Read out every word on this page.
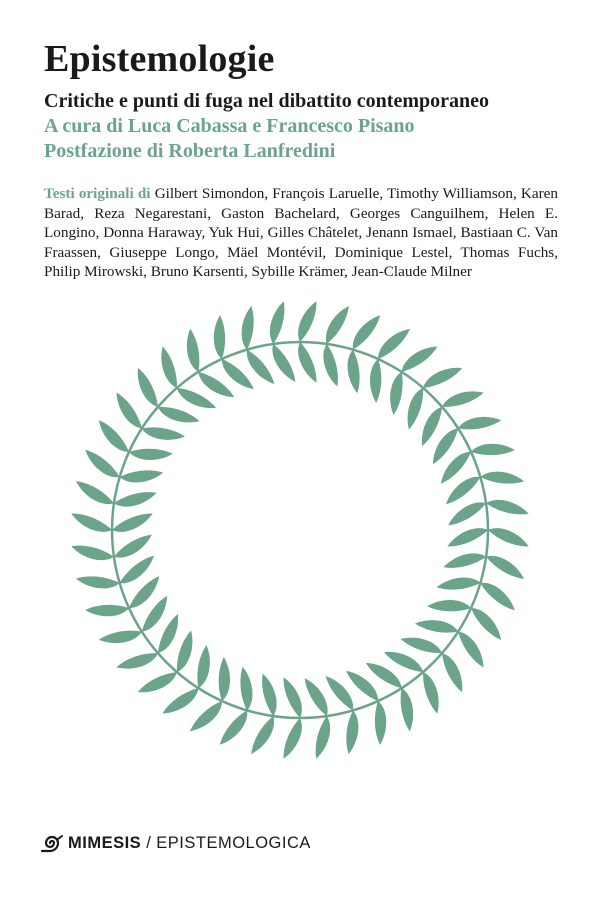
Epistemologie
Critiche e punti di fuga nel dibattito contemporaneo
A cura di Luca Cabassa e Francesco Pisano
Postfazione di Roberta Lanfredini
Testi originali di Gilbert Simondon, François Laruelle, Timothy Williamson, Karen Barad, Reza Negarestani, Gaston Bachelard, Georges Canguilhem, Helen E. Longino, Donna Haraway, Yuk Hui, Gilles Châtelet, Jenann Ismael, Bastiaan C. Van Fraassen, Giuseppe Longo, Mäel Montévil, Dominique Lestel, Thomas Fuchs, Philip Mirowski, Bruno Karsenti, Sybille Krämer, Jean-Claude Milner
MIMESIS / EPISTEMOLOGICA
